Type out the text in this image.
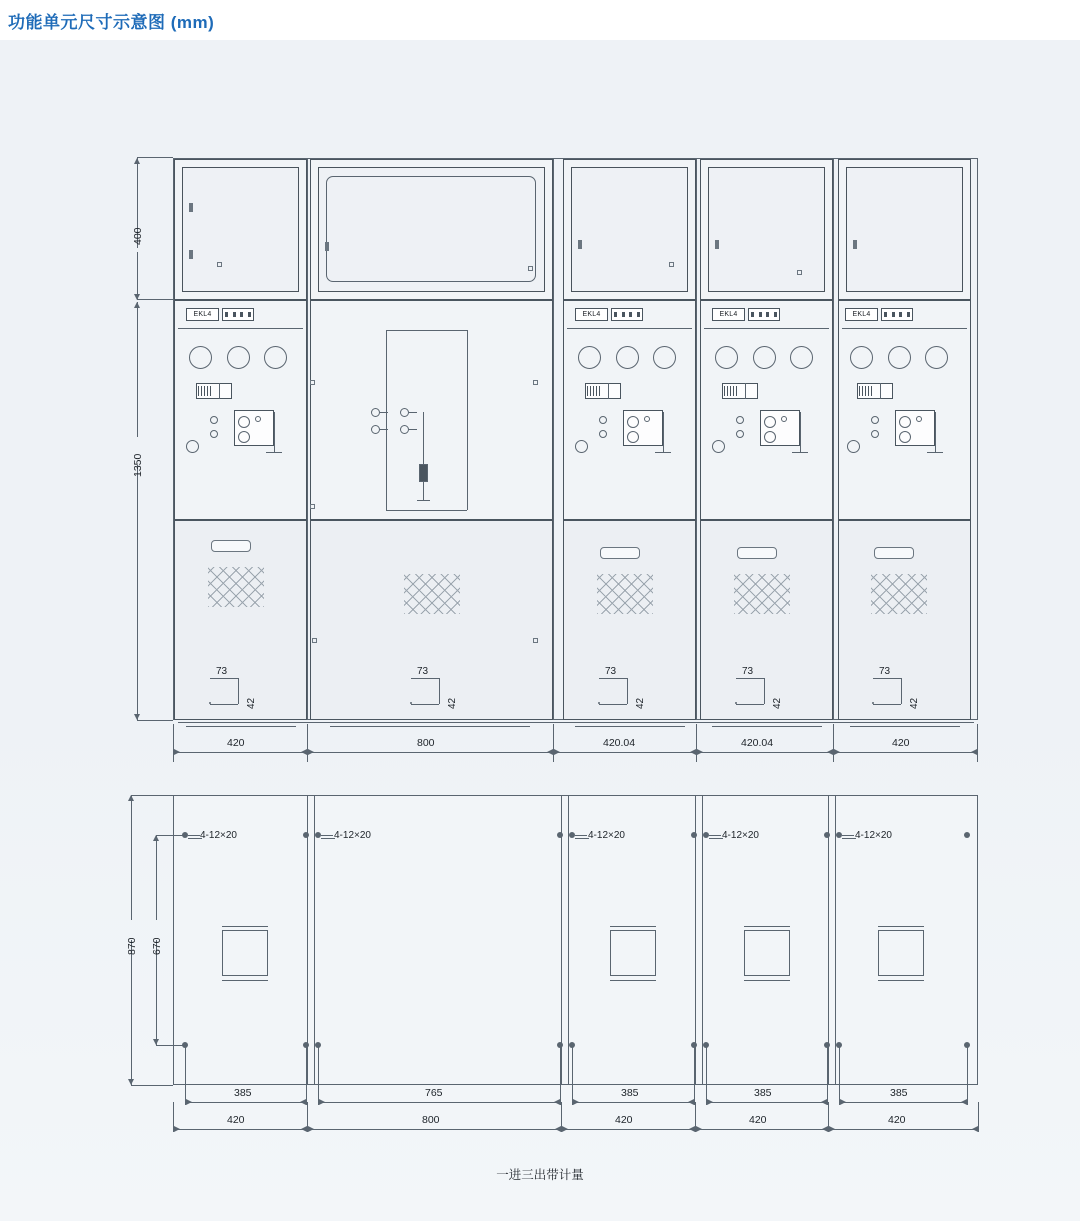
功能单元尺寸示意图 (mm)
400
1350
EKL4
73
42
73
42
EKL4
73
42
EKL4
73
42
EKL4
73
42
420	800	420.04	420.04	420
870 670
4-12×20	4-12×20	4-12×20	4-12×20	4-12×20
385	765	385	385	385
420	800	420	420	420
一进三出带计量
